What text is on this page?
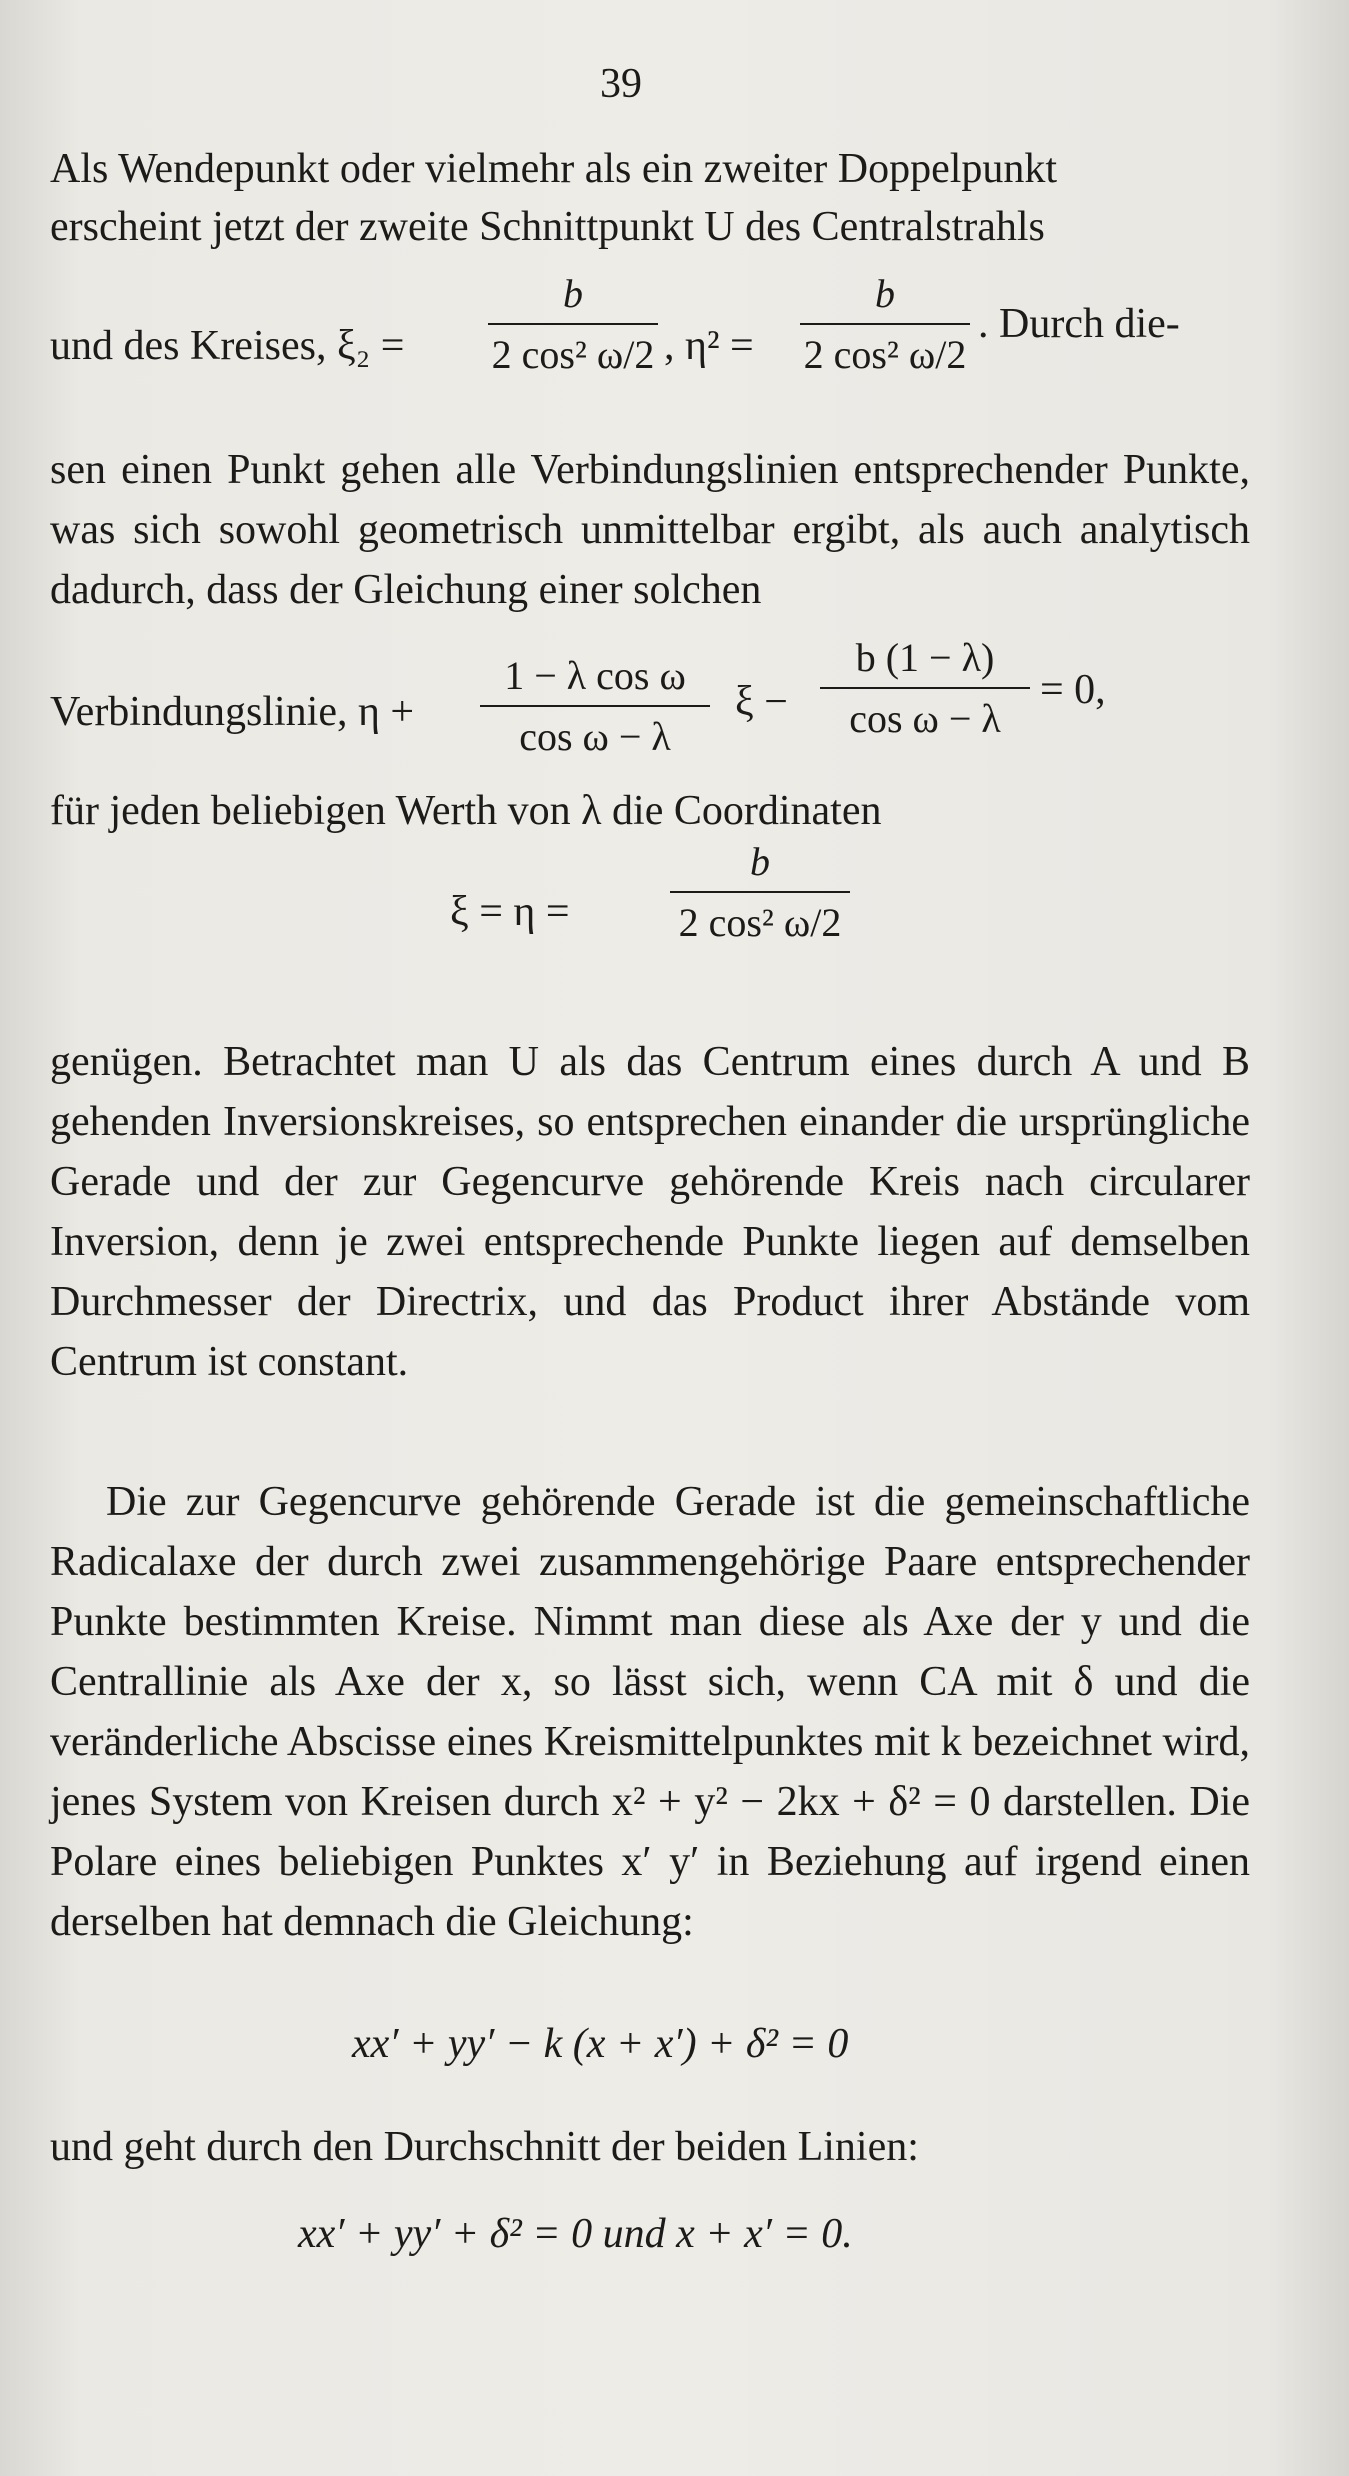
39

Als Wendepunkt oder vielmehr als ein zweiter Doppelpunkt

erscheint jetzt der zweite Schnittpunkt U des Centralstrahls

und des Kreises, $\xi_2 = \frac{b}{\text{2 cos² ω/2}}$ , $\eta^2 = \frac{b}{\text{2 cos² ω/2}}$ . Durch die-

sen einen Punkt gehen alle Verbindungslinien entsprechender Punkte, was sich sowohl geometrisch unmittelbar ergibt, als auch analytisch dadurch, dass der Gleichung einer solchen

Verbindungslinie, $\eta + \frac{\text{1 − λ cos ω}}{\text{cos ω − λ}}$ $\xi - \frac{b (1 - \lambda)}{\text{cos ω − λ}} = 0$,

für jeden beliebigen Werth von λ die Coordinaten

ξ = η =	$\frac{b}{\text{2 cos² ω/2}}$

genügen. Betrachtet man U als das Centrum eines durch A und B gehenden Inversionskreises, so entsprechen einander die ursprüngliche Gerade und der zur Gegencurve gehörende Kreis nach circularer Inversion, denn je zwei entsprechende Punkte liegen auf demselben Durchmesser der Directrix, und das Product ihrer Abstände vom Centrum ist constant.

Die zur Gegencurve gehörende Gerade ist die gemeinschaftliche Radicalaxe der durch zwei zusammengehörige Paare entsprechender Punkte bestimmten Kreise. Nimmt man diese als Axe der y und die Centrallinie als Axe der x, so lässt sich, wenn CA mit δ und die veränderliche Abscisse eines Kreismittelpunktes mit k bezeichnet wird, jenes System von Kreisen durch x² + y² − 2kx + δ² = 0 darstellen. Die Polare eines beliebigen Punktes x′ y′ in Beziehung auf irgend einen derselben hat demnach die Gleichung:

xx′ + yy′ − k (x + x′) + δ² = 0

und geht durch den Durchschnitt der beiden Linien:

xx′ + yy′ + δ² = 0 und x + x′ = 0.
